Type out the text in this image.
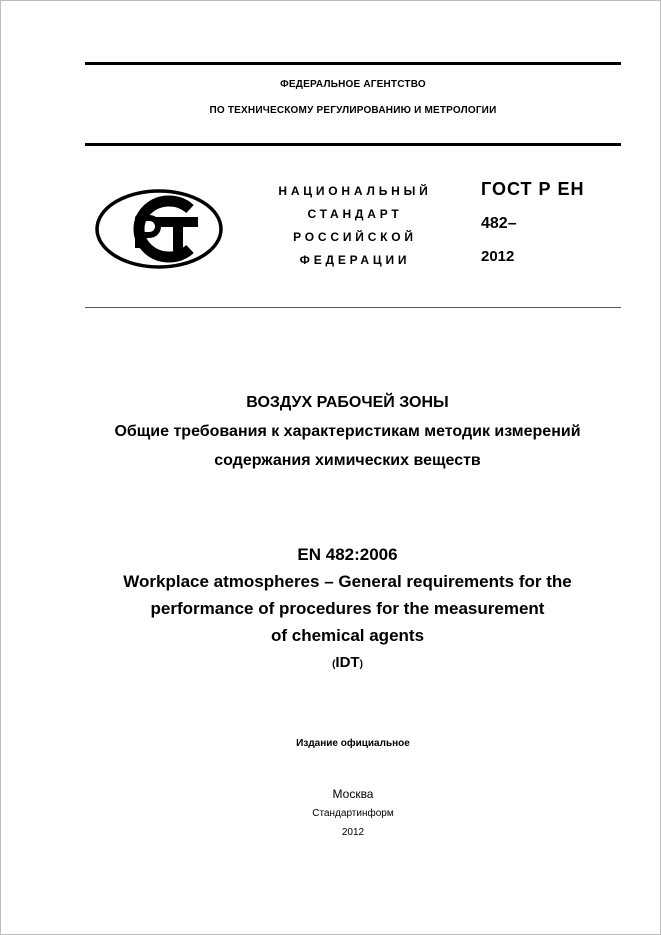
ФЕДЕРАЛЬНОЕ АГЕНТСТВО
ПО ТЕХНИЧЕСКОМУ РЕГУЛИРОВАНИЮ И МЕТРОЛОГИИ
НАЦИОНАЛЬНЫЙ
СТАНДАРТ
РОССИЙСКОЙ
ФЕДЕРАЦИИ
ГОСТ Р ЕН
482–
2012
ВОЗДУХ РАБОЧЕЙ ЗОНЫ
Общие требования к характеристикам методик измерений
содержания химических веществ
EN 482:2006
Workplace atmospheres – General requirements for the
performance of procedures for the measurement
of chemical agents
(IDT)
Издание официальное
Москва
Стандартинформ
2012
